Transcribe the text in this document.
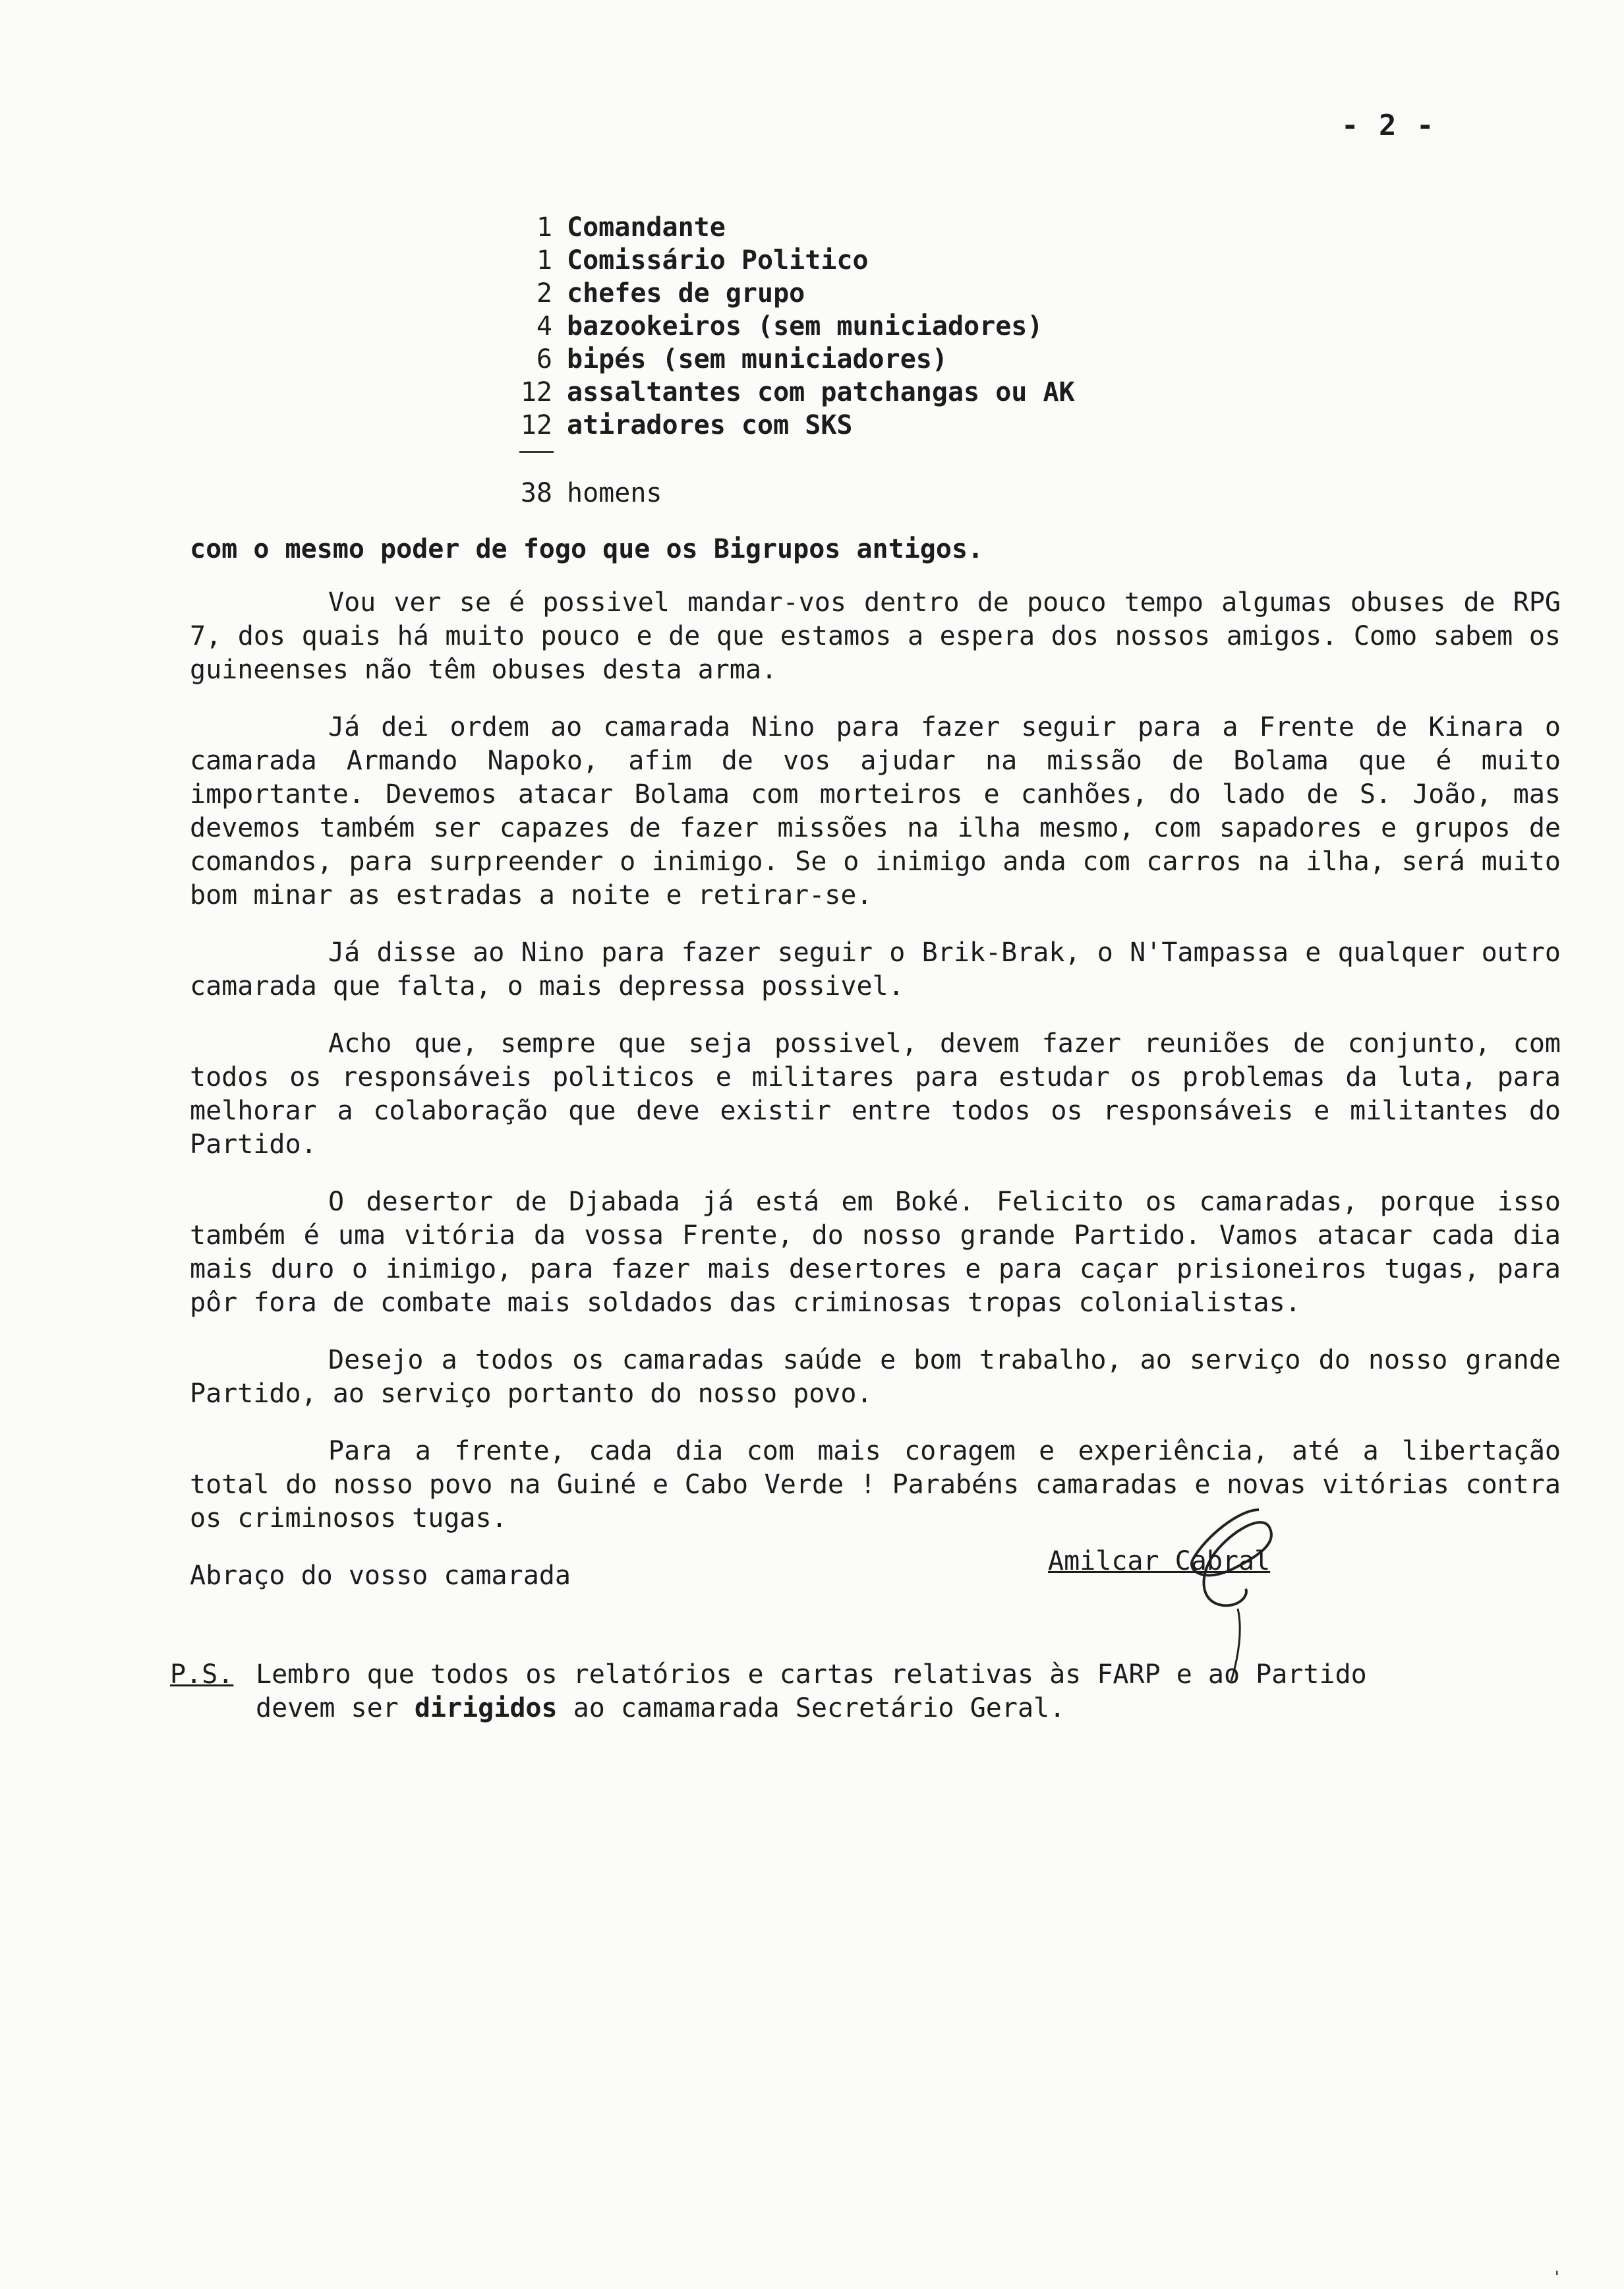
- 2 -
1 Comandante
1 Comissário Politico
2 chefes de grupo
4 bazookeiros (sem municiadores)
6 bipés (sem municiadores)
12 assaltantes com patchangas ou AK
12 atiradores com SKS
38 homens

com o mesmo poder de fogo que os Bigrupos antigos.

Vou ver se é possivel mandar-vos dentro de pouco tempo algumas obuses de RPG 7, dos quais há muito pouco e de que estamos a espera dos nossos amigos. Como sabem os guineenses não têm obuses desta arma.

Já dei ordem ao camarada Nino para fazer seguir para a Frente de Kinara o camarada Armando Napoko, afim de vos ajudar na missão de Bolama que é muito importante. Devemos atacar Bolama com morteiros e canhões, do lado de S. João, mas devemos também ser capazes de fazer missões na ilha mesmo, com sapadores e grupos de comandos, para surpreender o inimigo. Se o inimigo anda com carros na ilha, será muito bom minar as estradas a noite e retirar-se.

Já disse ao Nino para fazer seguir o Brik-Brak, o N'Tampassa e qualquer outro camarada que falta, o mais depressa possivel.

Acho que, sempre que seja possivel, devem fazer reuniões de conjunto, com todos os responsáveis politicos e militares para estudar os problemas da luta, para melhorar a colaboração que deve existir entre todos os responsáveis e militantes do Partido.

O desertor de Djabada já está em Boké. Felicito os camaradas, porque isso também é uma vitória da vossa Frente, do nosso grande Partido. Vamos atacar cada dia mais duro o inimigo, para fazer mais desertores e para caçar prisioneiros tugas, para pôr fora de combate mais soldados das criminosas tropas colonialistas.

Desejo a todos os camaradas saúde e bom trabalho, ao serviço do nosso grande Partido, ao serviço portanto do nosso povo.

Para a frente, cada dia com mais coragem e experiência, até a libertação total do nosso povo na Guiné e Cabo Verde ! Parabéns camaradas e novas vitórias contra os criminosos tugas.

Abraço do vosso camarada	Amilcar Cabral
P.S. Lembro que todos os relatórios e cartas relativas às FARP e ao Partido
devem ser dirigidos ao camamarada Secretário Geral.
'
